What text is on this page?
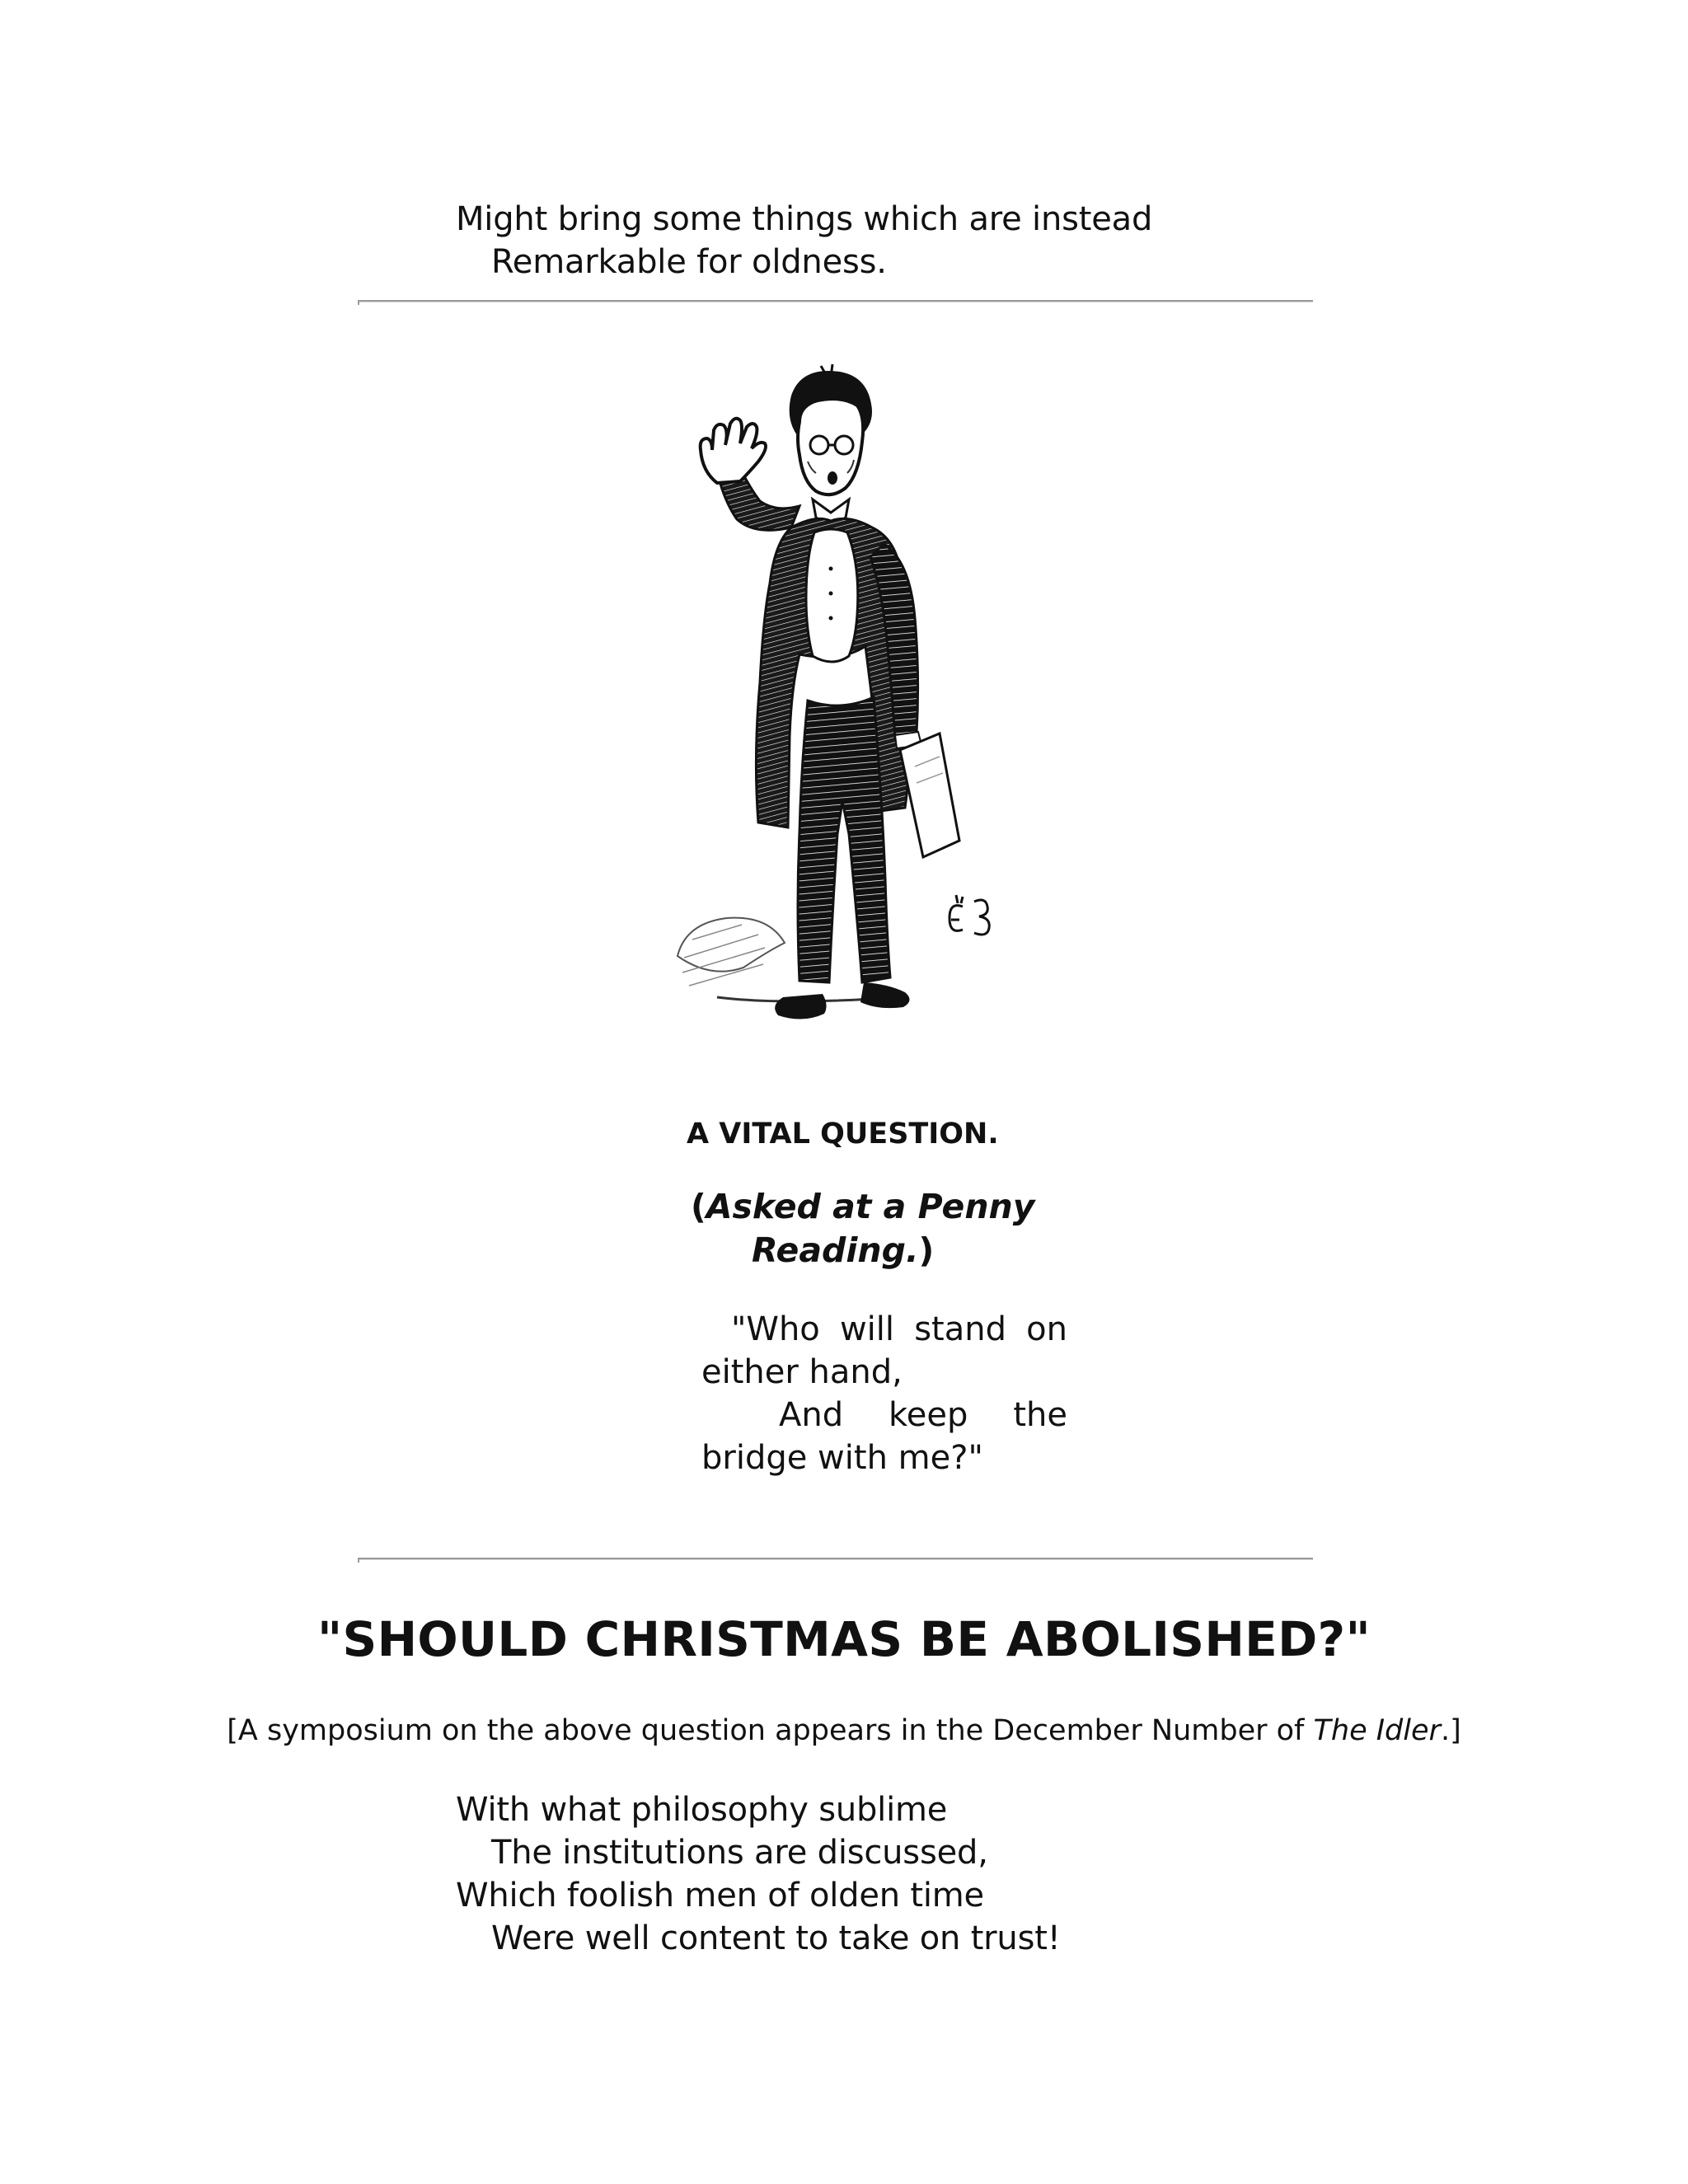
Might bring some things which are instead
Remarkable for oldness.
A VITAL QUESTION.
(Asked at a Penny
Reading.)
"Who will stand on
either hand,
And keep the
bridge with me?"
"SHOULD CHRISTMAS BE ABOLISHED?"
[A symposium on the above question appears in the December Number of The Idler.]
With what philosophy sublime
The institutions are discussed,
Which foolish men of olden time
Were well content to take on trust!
